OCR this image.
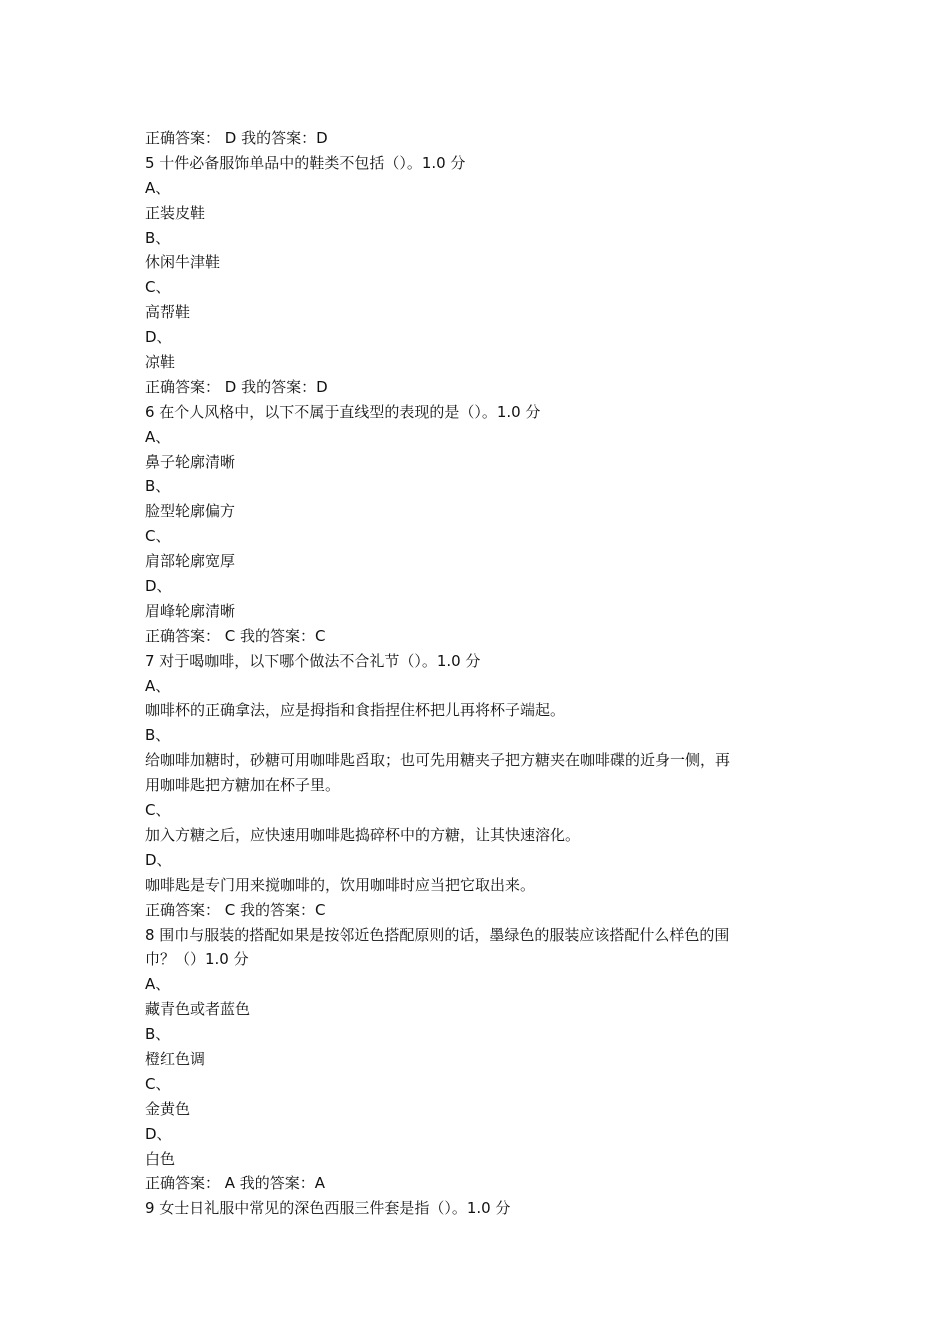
正确答案： D 我的答案：D
5 十件必备服饰单品中的鞋类不包括（）。1.0 分
A、
正装皮鞋
B、
休闲牛津鞋
C、
高帮鞋
D、
凉鞋
正确答案： D 我的答案：D
6 在个人风格中，以下不属于直线型的表现的是（）。1.0 分
A、
鼻子轮廓清晰
B、
脸型轮廓偏方
C、
肩部轮廓宽厚
D、
眉峰轮廓清晰
正确答案： C 我的答案：C
7 对于喝咖啡，以下哪个做法不合礼节（）。1.0 分
A、
咖啡杯的正确拿法，应是拇指和食指捏住杯把儿再将杯子端起。
B、
给咖啡加糖时，砂糖可用咖啡匙舀取；也可先用糖夹子把方糖夹在咖啡碟的近身一侧，再
用咖啡匙把方糖加在杯子里。
C、
加入方糖之后，应快速用咖啡匙捣碎杯中的方糖，让其快速溶化。
D、
咖啡匙是专门用来搅咖啡的，饮用咖啡时应当把它取出来。
正确答案： C 我的答案：C
8 围巾与服装的搭配如果是按邻近色搭配原则的话，墨绿色的服装应该搭配什么样色的围
巾？（）1.0 分
A、
藏青色或者蓝色
B、
橙红色调
C、
金黄色
D、
白色
正确答案： A 我的答案：A
9 女士日礼服中常见的深色西服三件套是指（）。1.0 分
